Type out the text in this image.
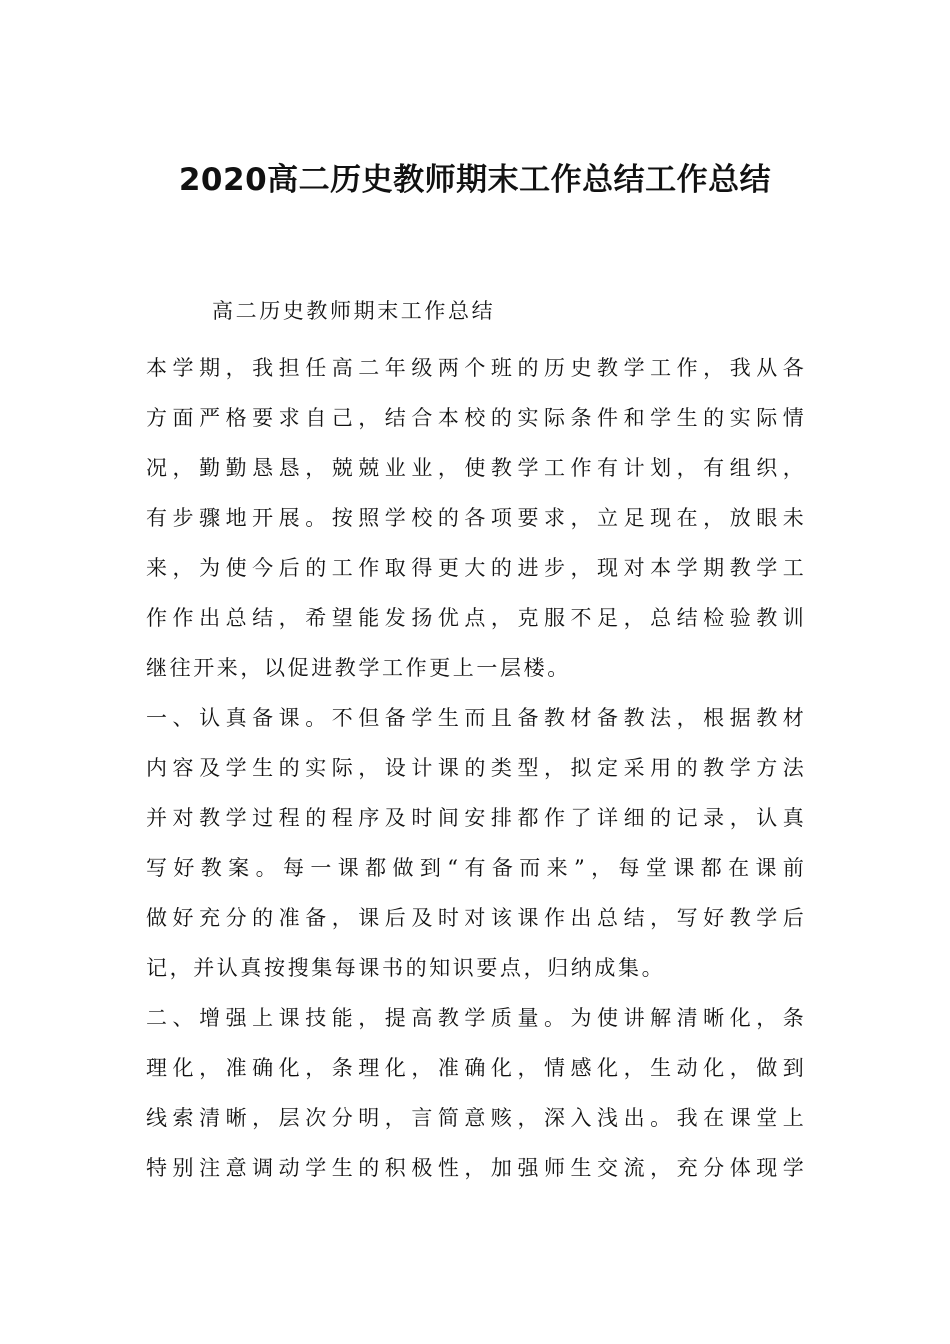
2020高二历史教师期末工作总结工作总结

高二历史教师期末工作总结

本 学 期 ， 我 担 任 高 二 年 级 两 个 班 的 历 史 教 学 工 作 ， 我 从 各
方 面 严 格 要 求 自 己 ， 结 合 本 校 的 实 际 条 件 和 学 生 的 实 际 情
况 ， 勤 勤 恳 恳 ， 兢 兢 业 业 ， 使 教 学 工 作 有 计 划 ， 有 组 织 ，
有 步 骤 地 开 展 。 按 照 学 校 的 各 项 要 求 ， 立 足 现 在 ， 放 眼 未
来 ， 为 使 今 后 的 工 作 取 得 更 大 的 进 步 ， 现 对 本 学 期 教 学 工
作 作 出 总 结 ， 希 望 能 发 扬 优 点 ， 克 服 不 足 ， 总 结 检 验 教 训
继往开来，以促进教学工作更上一层楼。
一 、 认 真 备 课 。 不 但 备 学 生 而 且 备 教 材 备 教 法 ， 根 据 教 材
内 容 及 学 生 的 实 际 ， 设 计 课 的 类 型 ， 拟 定 采 用 的 教 学 方 法
并 对 教 学 过 程 的 程 序 及 时 间 安 排 都 作 了 详 细 的 记 录 ， 认 真
写 好 教 案 。 每 一 课 都 做 到 “ 有 备 而 来 ” ， 每 堂 课 都 在 课 前
做 好 充 分 的 准 备 ， 课 后 及 时 对 该 课 作 出 总 结 ， 写 好 教 学 后
记，并认真按搜集每课书的知识要点，归纳成集。
二 、 增 强 上 课 技 能 ， 提 高 教 学 质 量 。 为 使 讲 解 清 晰 化 ， 条
理 化 ， 准 确 化 ， 条 理 化 ， 准 确 化 ， 情 感 化 ， 生 动 化 ， 做 到
线 索 清 晰 ， 层 次 分 明 ， 言 简 意 赅 ， 深 入 浅 出 。 我 在 课 堂 上
特 别 注 意 调 动 学 生 的 积 极 性 ， 加 强 师 生 交 流 ， 充 分 体 现 学
